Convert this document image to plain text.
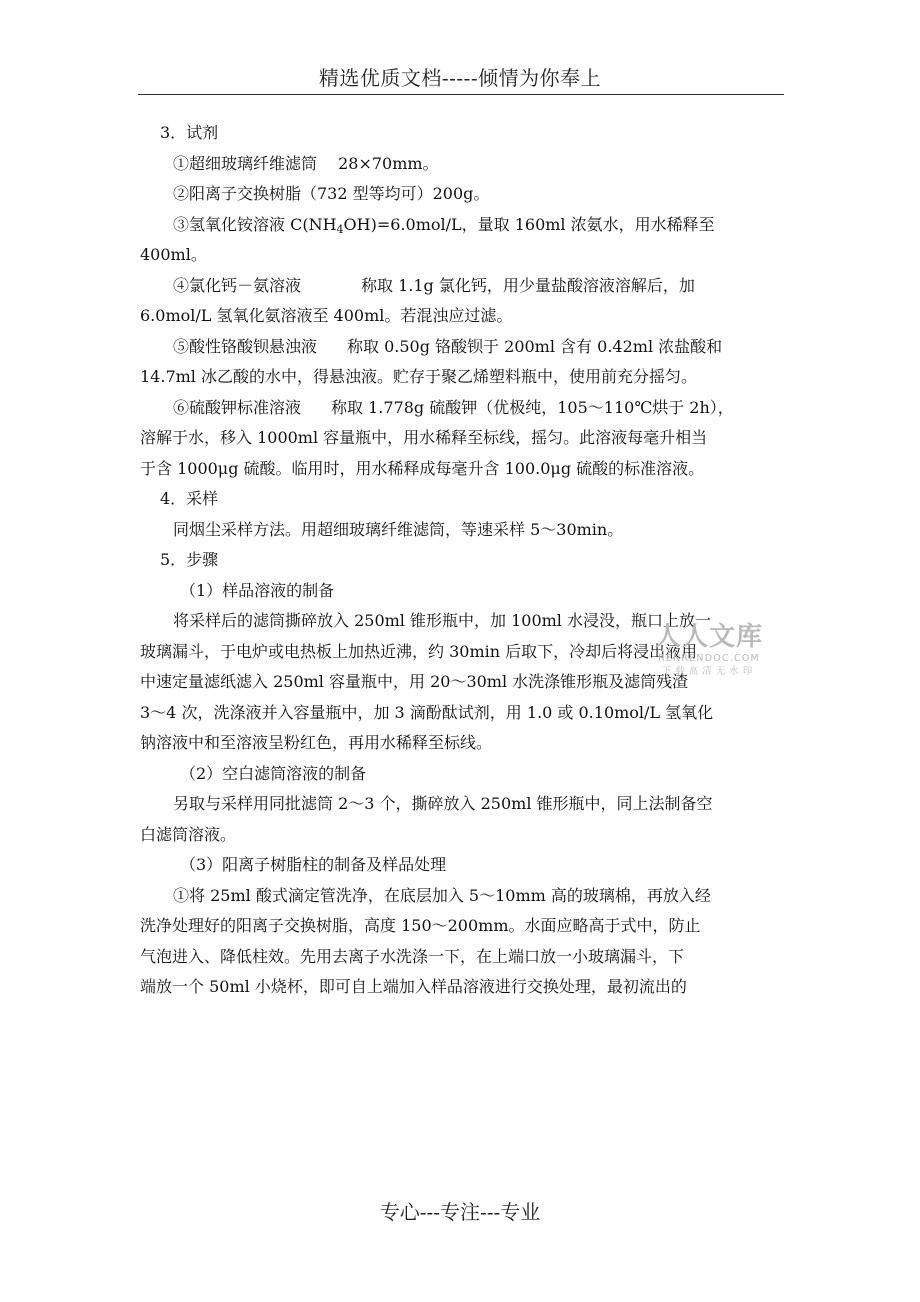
精选优质文档-----倾情为你奉上
3．试剂
①超细玻璃纤维滤筒　 28×70mm。
②阳离子交换树脂（732 型等均可）200g。
③氢氧化铵溶液 $C(NH_4OH)=6.0mol/L$，量取 160ml 浓氨水，用水稀释至
400ml。
④氯化钙－氨溶液	称取 1.1g 氯化钙，用少量盐酸溶液溶解后，加
6.0mol/L 氢氧化氨溶液至 400ml。若混浊应过滤。
⑤酸性铬酸钡悬浊液 称取 0.50g 铬酸钡于 200ml 含有 0.42ml 浓盐酸和
14.7ml 冰乙酸的水中，得悬浊液。贮存于聚乙烯塑料瓶中，使用前充分摇匀。
⑥硫酸钾标准溶液 称取 1.778g 硫酸钾（优极纯，105～110℃烘于 2h），
溶解于水，移入 1000ml 容量瓶中，用水稀释至标线，摇匀。此溶液每毫升相当
于含 1000μg 硫酸。临用时，用水稀释成每毫升含 100.0μg 硫酸的标准溶液。
4．采样
同烟尘采样方法。用超细玻璃纤维滤筒，等速采样 5～30min。
5．步骤
（1）样品溶液的制备
将采样后的滤筒撕碎放入 250ml 锥形瓶中，加 100ml 水浸没，瓶口上放一
玻璃漏斗，于电炉或电热板上加热近沸，约 30min 后取下，冷却后将浸出液用
中速定量滤纸滤入 250ml 容量瓶中，用 20～30ml 水洗涤锥形瓶及滤筒残渣
3～4 次，洗涤液并入容量瓶中，加 3 滴酚酞试剂，用 1.0 或 0.10mol/L 氢氧化
钠溶液中和至溶液呈粉红色，再用水稀释至标线。
（2）空白滤筒溶液的制备
另取与采样用同批滤筒 2～3 个，撕碎放入 250ml 锥形瓶中，同上法制备空
白滤筒溶液。
（3）阳离子树脂柱的制备及样品处理
①将 25ml 酸式滴定管洗净，在底层加入 5～10mm 高的玻璃棉，再放入经
洗净处理好的阳离子交换树脂，高度 150～200mm。水面应略高于式中，防止
气泡进入、降低柱效。先用去离子水洗涤一下，在上端口放一小玻璃漏斗，下
端放一个 50ml 小烧杯，即可自上端加入样品溶液进行交换处理，最初流出的
人人文库
RENRENDOC.COM
下载高清无水印
专心---专注---专业
